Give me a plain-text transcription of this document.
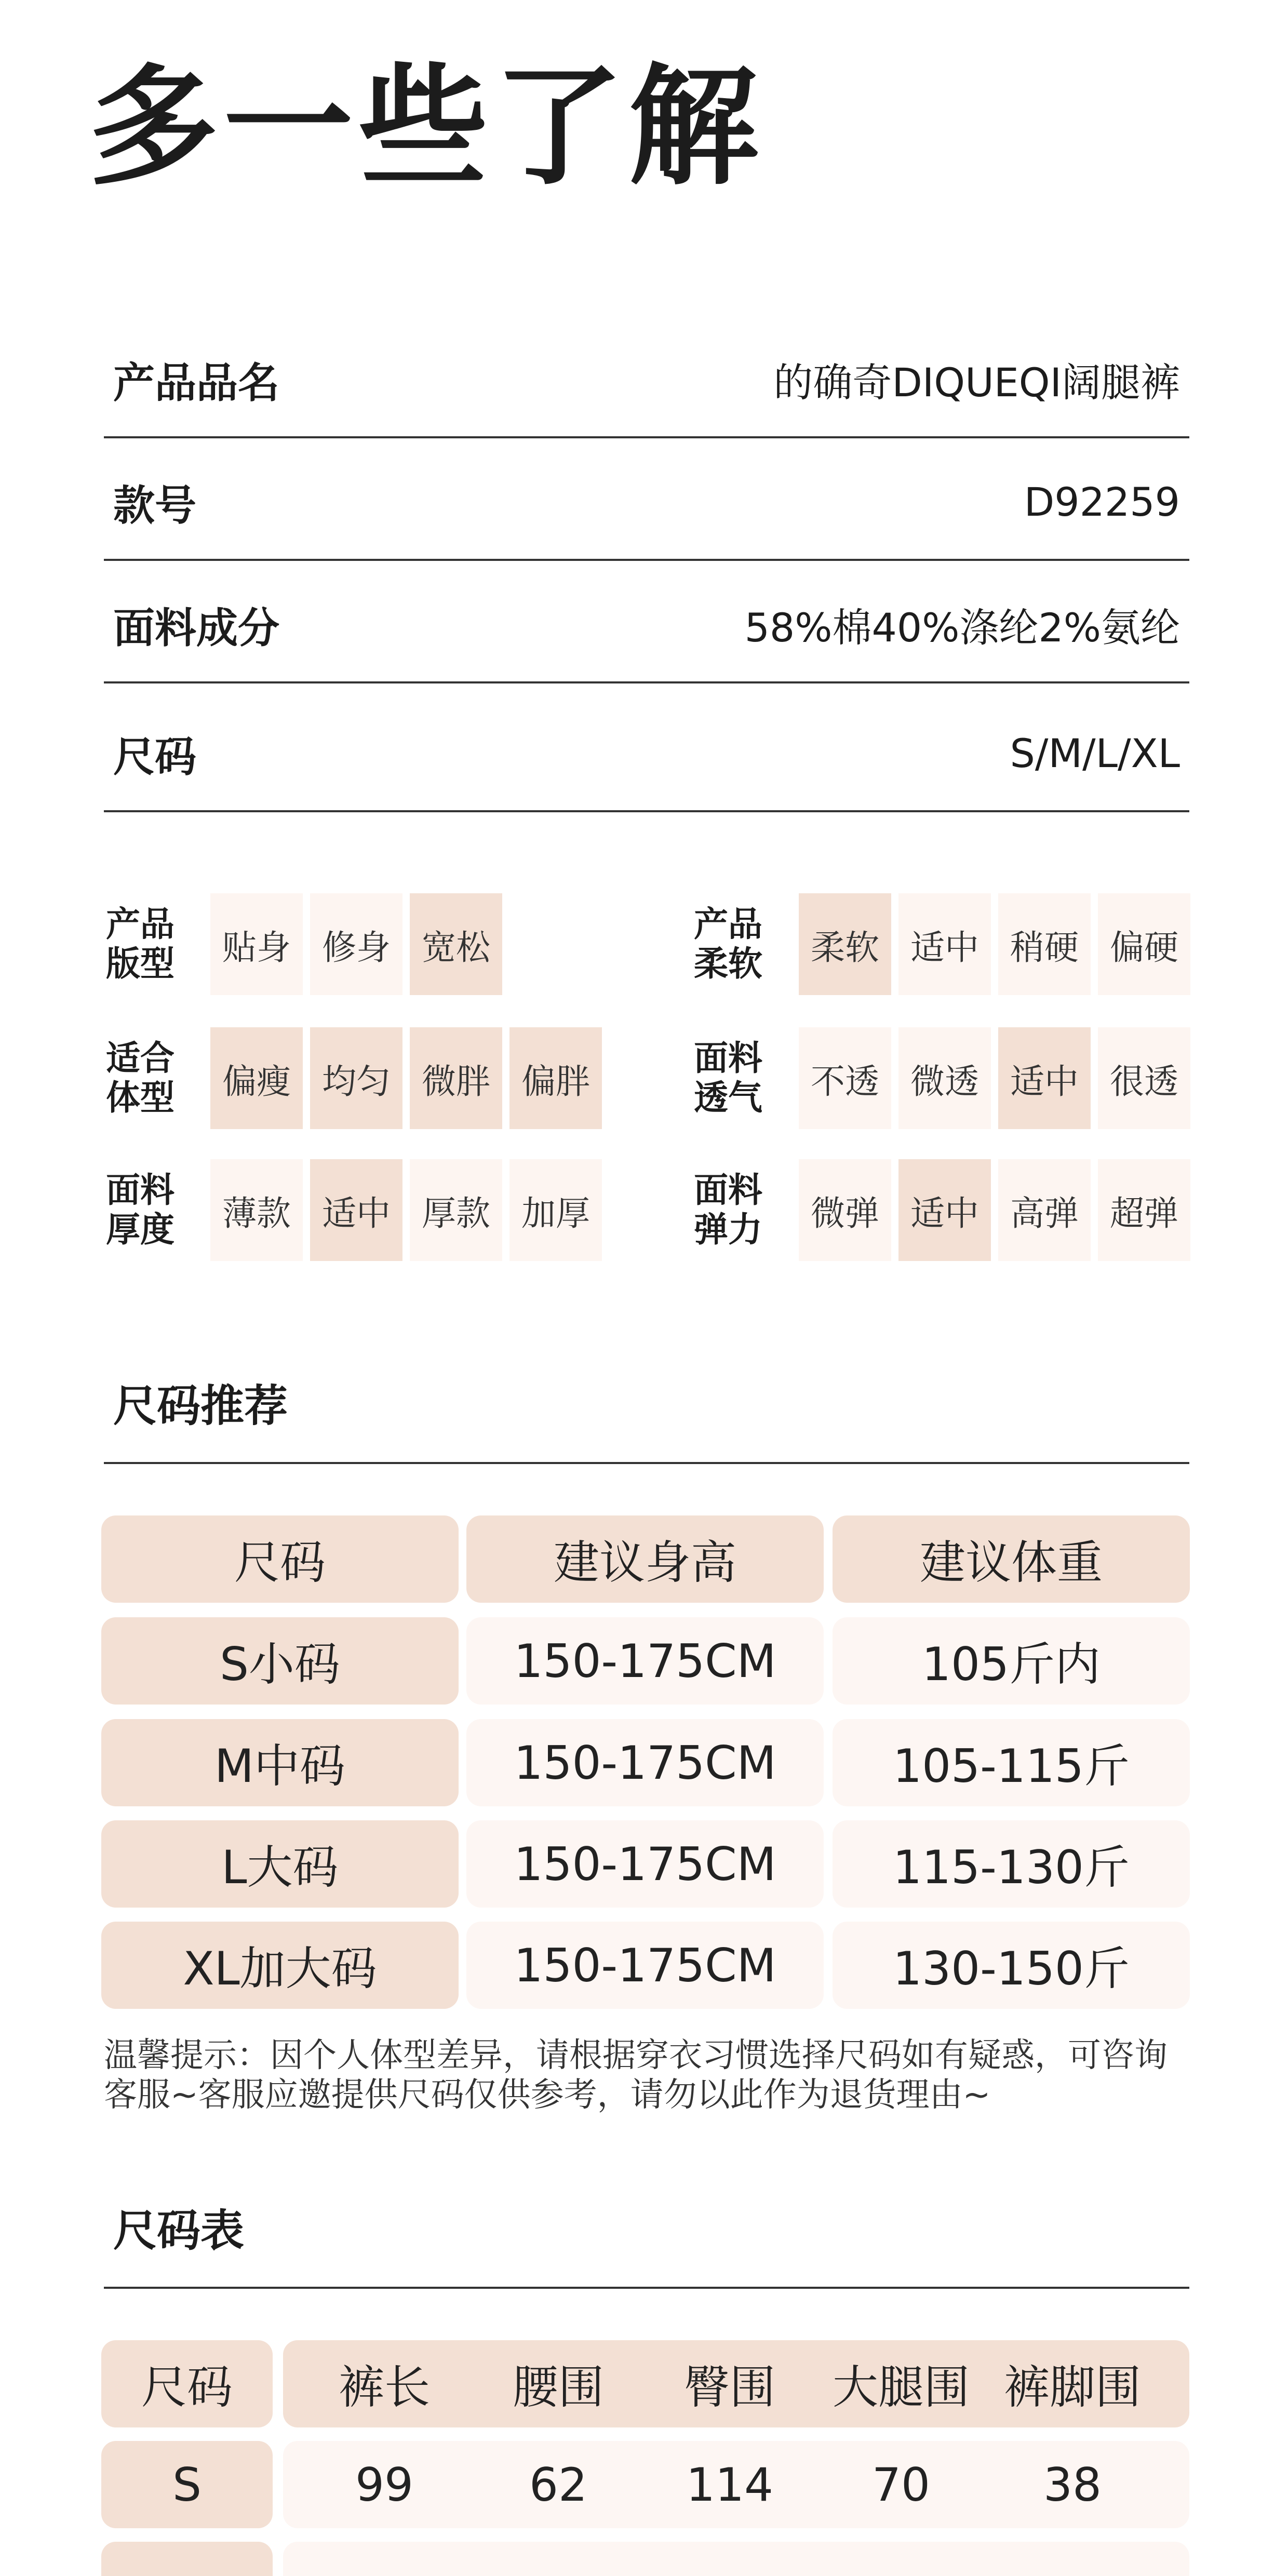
多一些了解
产品品名	的确奇DIQUEQI阔腿裤
款号	D92259
面料成分	58%棉40%涤纶2%氨纶
尺码	S/M/L/XL
产品
版型	贴身 修身 宽松
产品
柔软	柔软 适中 稍硬 偏硬
适合
体型	偏瘦 均匀 微胖 偏胖
面料
透气	不透 微透 适中 很透
面料
厚度	薄款 适中 厚款 加厚
面料
弹力	微弹 适中 高弹 超弹
尺码推荐
尺码	建议身高	建议体重
S小码	150-175CM	105斤内
M中码	150-175CM	105-115斤
L大码	150-175CM	115-130斤
XL加大码	150-175CM	130-150斤
温馨提示：因个人体型差异，请根据穿衣习惯选择尺码如有疑惑，可咨询客服~客服应邀提供尺码仅供参考，请勿以此作为退货理由~
尺码表
尺码	裤长	腰围	臀围	大腿围 裤脚围
S	99	62	114	70	38
